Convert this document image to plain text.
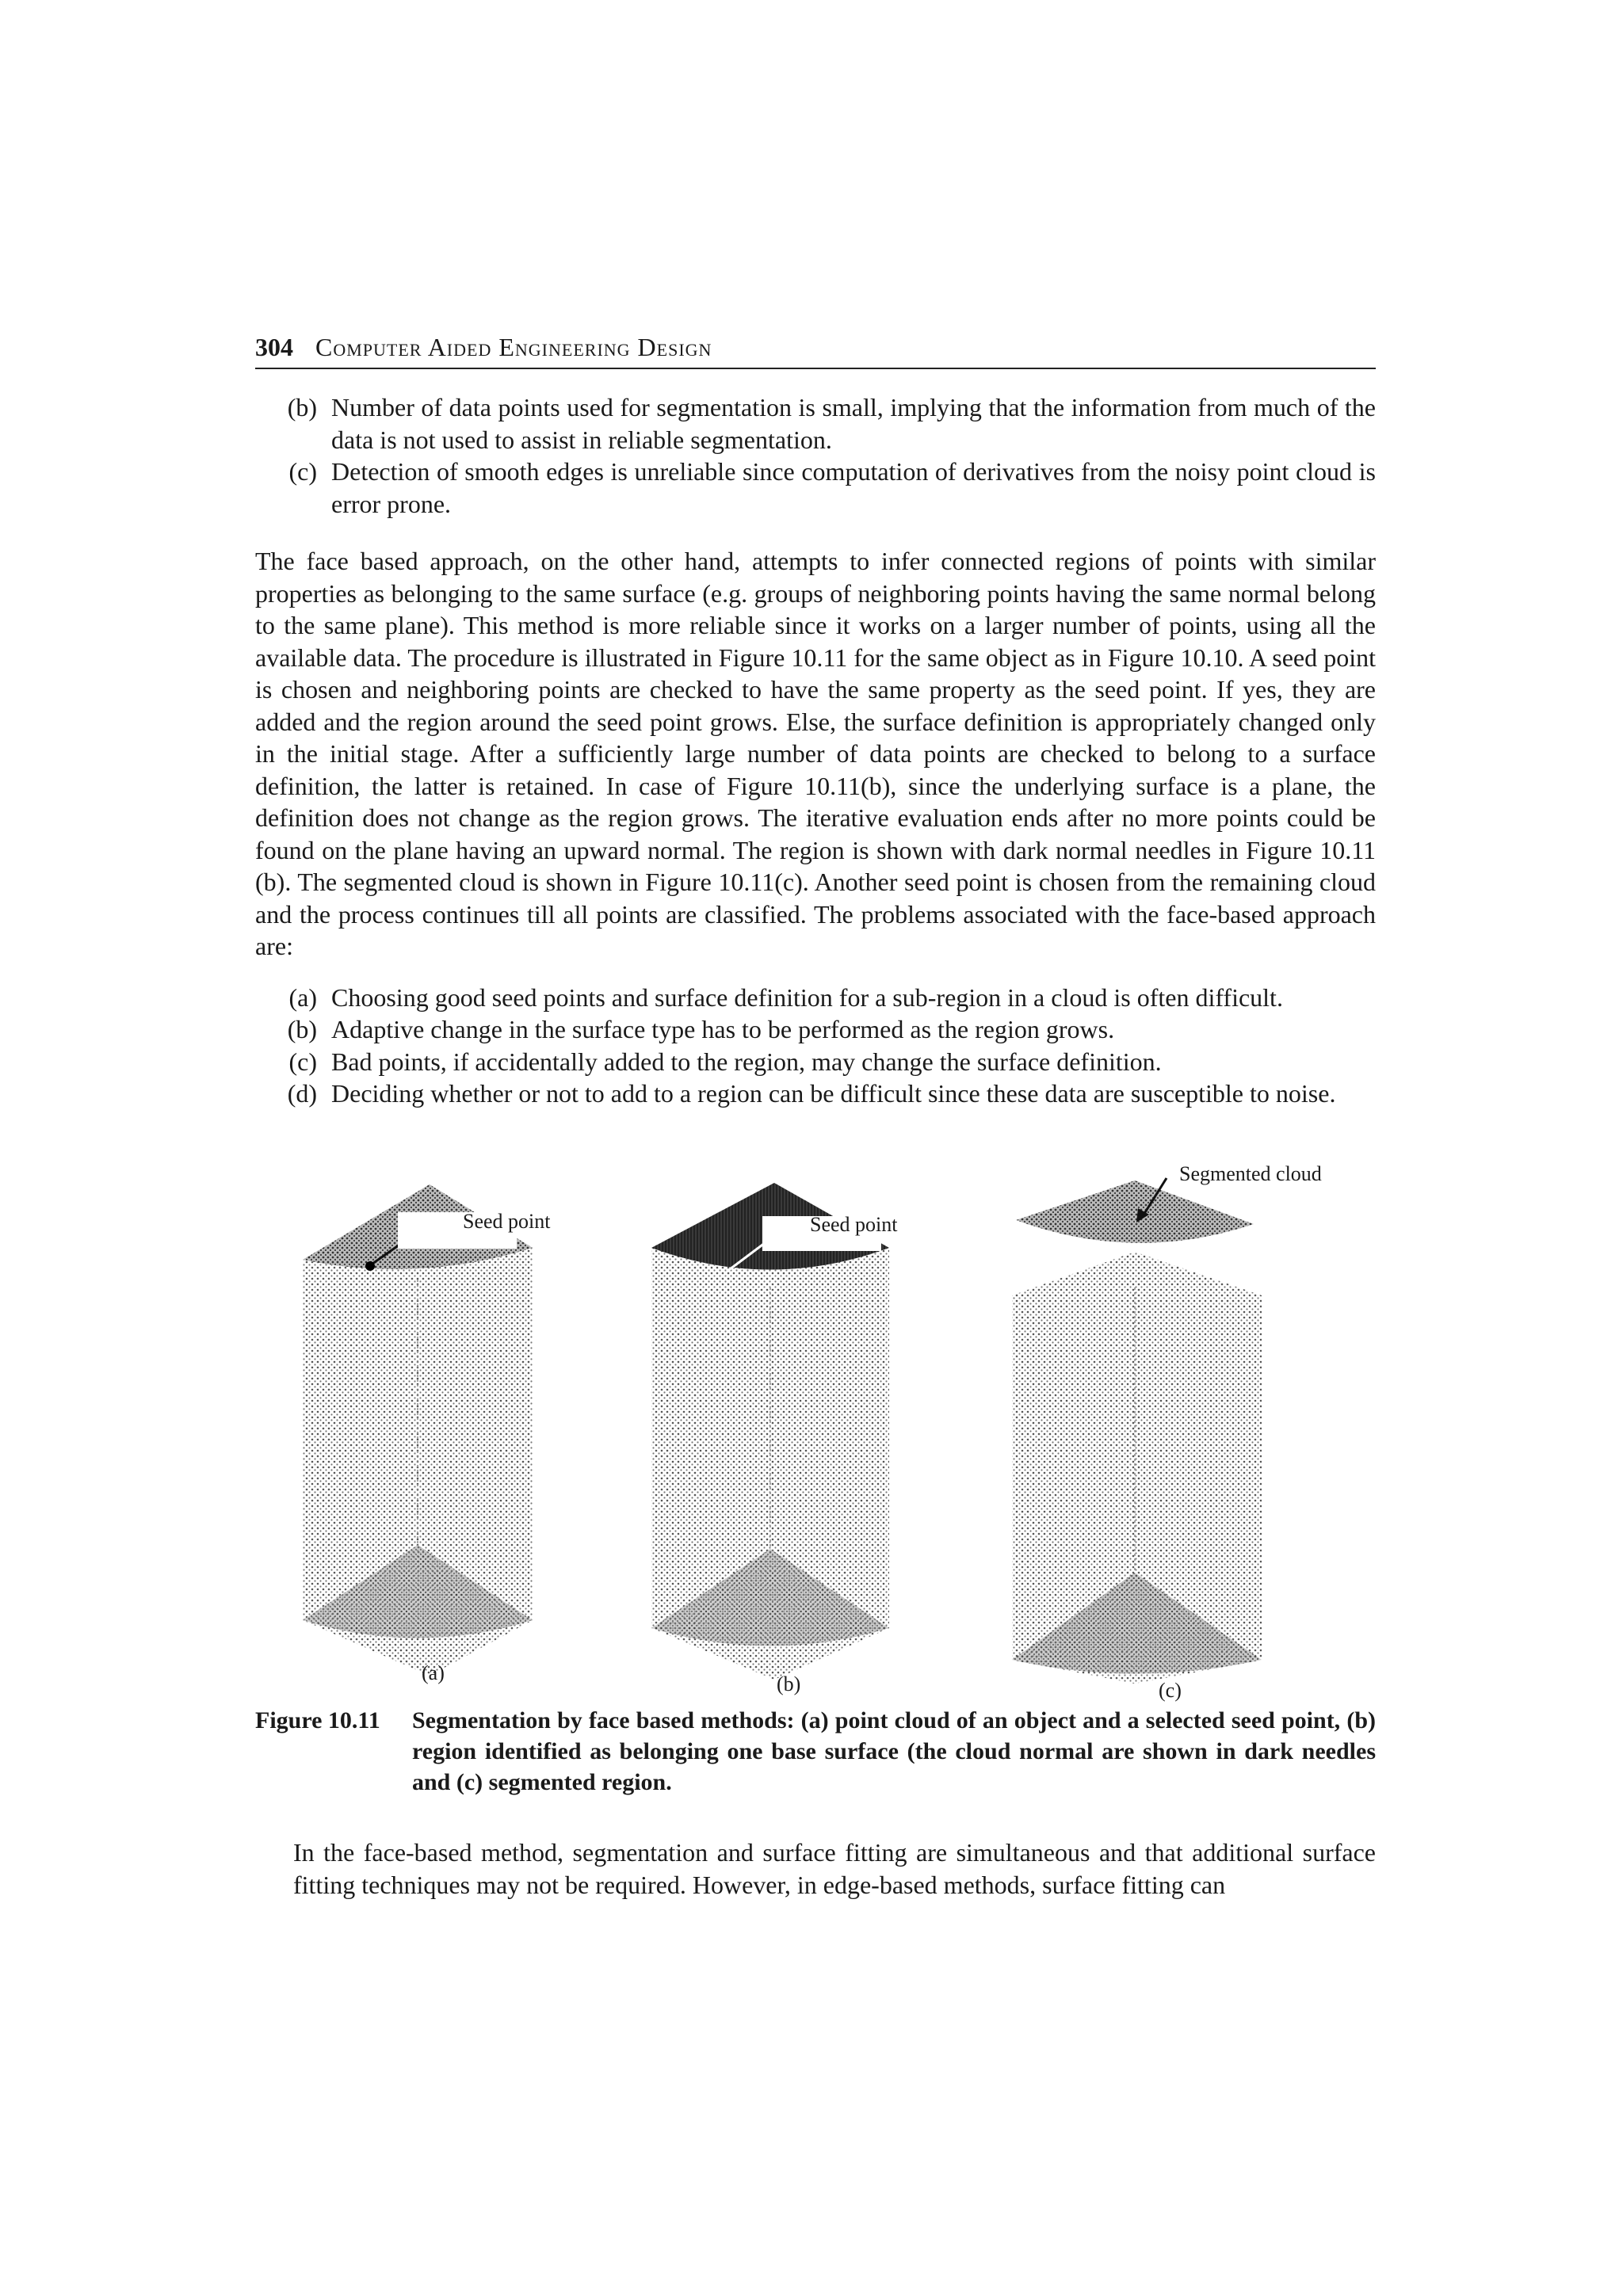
304 Computer Aided Engineering Design
(b) Number of data points used for segmentation is small, implying that the information from much of the data is not used to assist in reliable segmentation.
(c) Detection of smooth edges is unreliable since computation of derivatives from the noisy point cloud is error prone.

The face based approach, on the other hand, attempts to infer connected regions of points with similar properties as belonging to the same surface (e.g. groups of neighboring points having the same normal belong to the same plane). This method is more reliable since it works on a larger number of points, using all the available data. The procedure is illustrated in Figure 10.11 for the same object as in Figure 10.10. A seed point is chosen and neighboring points are checked to have the same property as the seed point. If yes, they are added and the region around the seed point grows. Else, the surface definition is appropriately changed only in the initial stage. After a sufficiently large number of data points are checked to belong to a surface definition, the latter is retained. In case of Figure 10.11(b), since the underlying surface is a plane, the definition does not change as the region grows. The iterative evaluation ends after no more points could be found on the plane having an upward normal. The region is shown with dark normal needles in Figure 10.11 (b). The segmented cloud is shown in Figure 10.11(c). Another seed point is chosen from the remaining cloud and the process continues till all points are classified. The problems associated with the face-based approach are:

(a) Choosing good seed points and surface definition for a sub-region in a cloud is often difficult.
(b) Adaptive change in the surface type has to be performed as the region grows.
(c) Bad points, if accidentally added to the region, may change the surface definition.
(d) Deciding whether or not to add to a region can be difficult since these data are susceptible to noise.
Seed point	Seed point
Segmented cloud
(a)	(b)	(c)
Figure 10.11	Segmentation by face based methods: (a) point cloud of an object and a selected seed point, (b) region identified as belonging one base surface (the cloud normal are shown in dark needles and (c) segmented region.

In the face-based method, segmentation and surface fitting are simultaneous and that additional surface fitting techniques may not be required. However, in edge-based methods, surface fitting can
